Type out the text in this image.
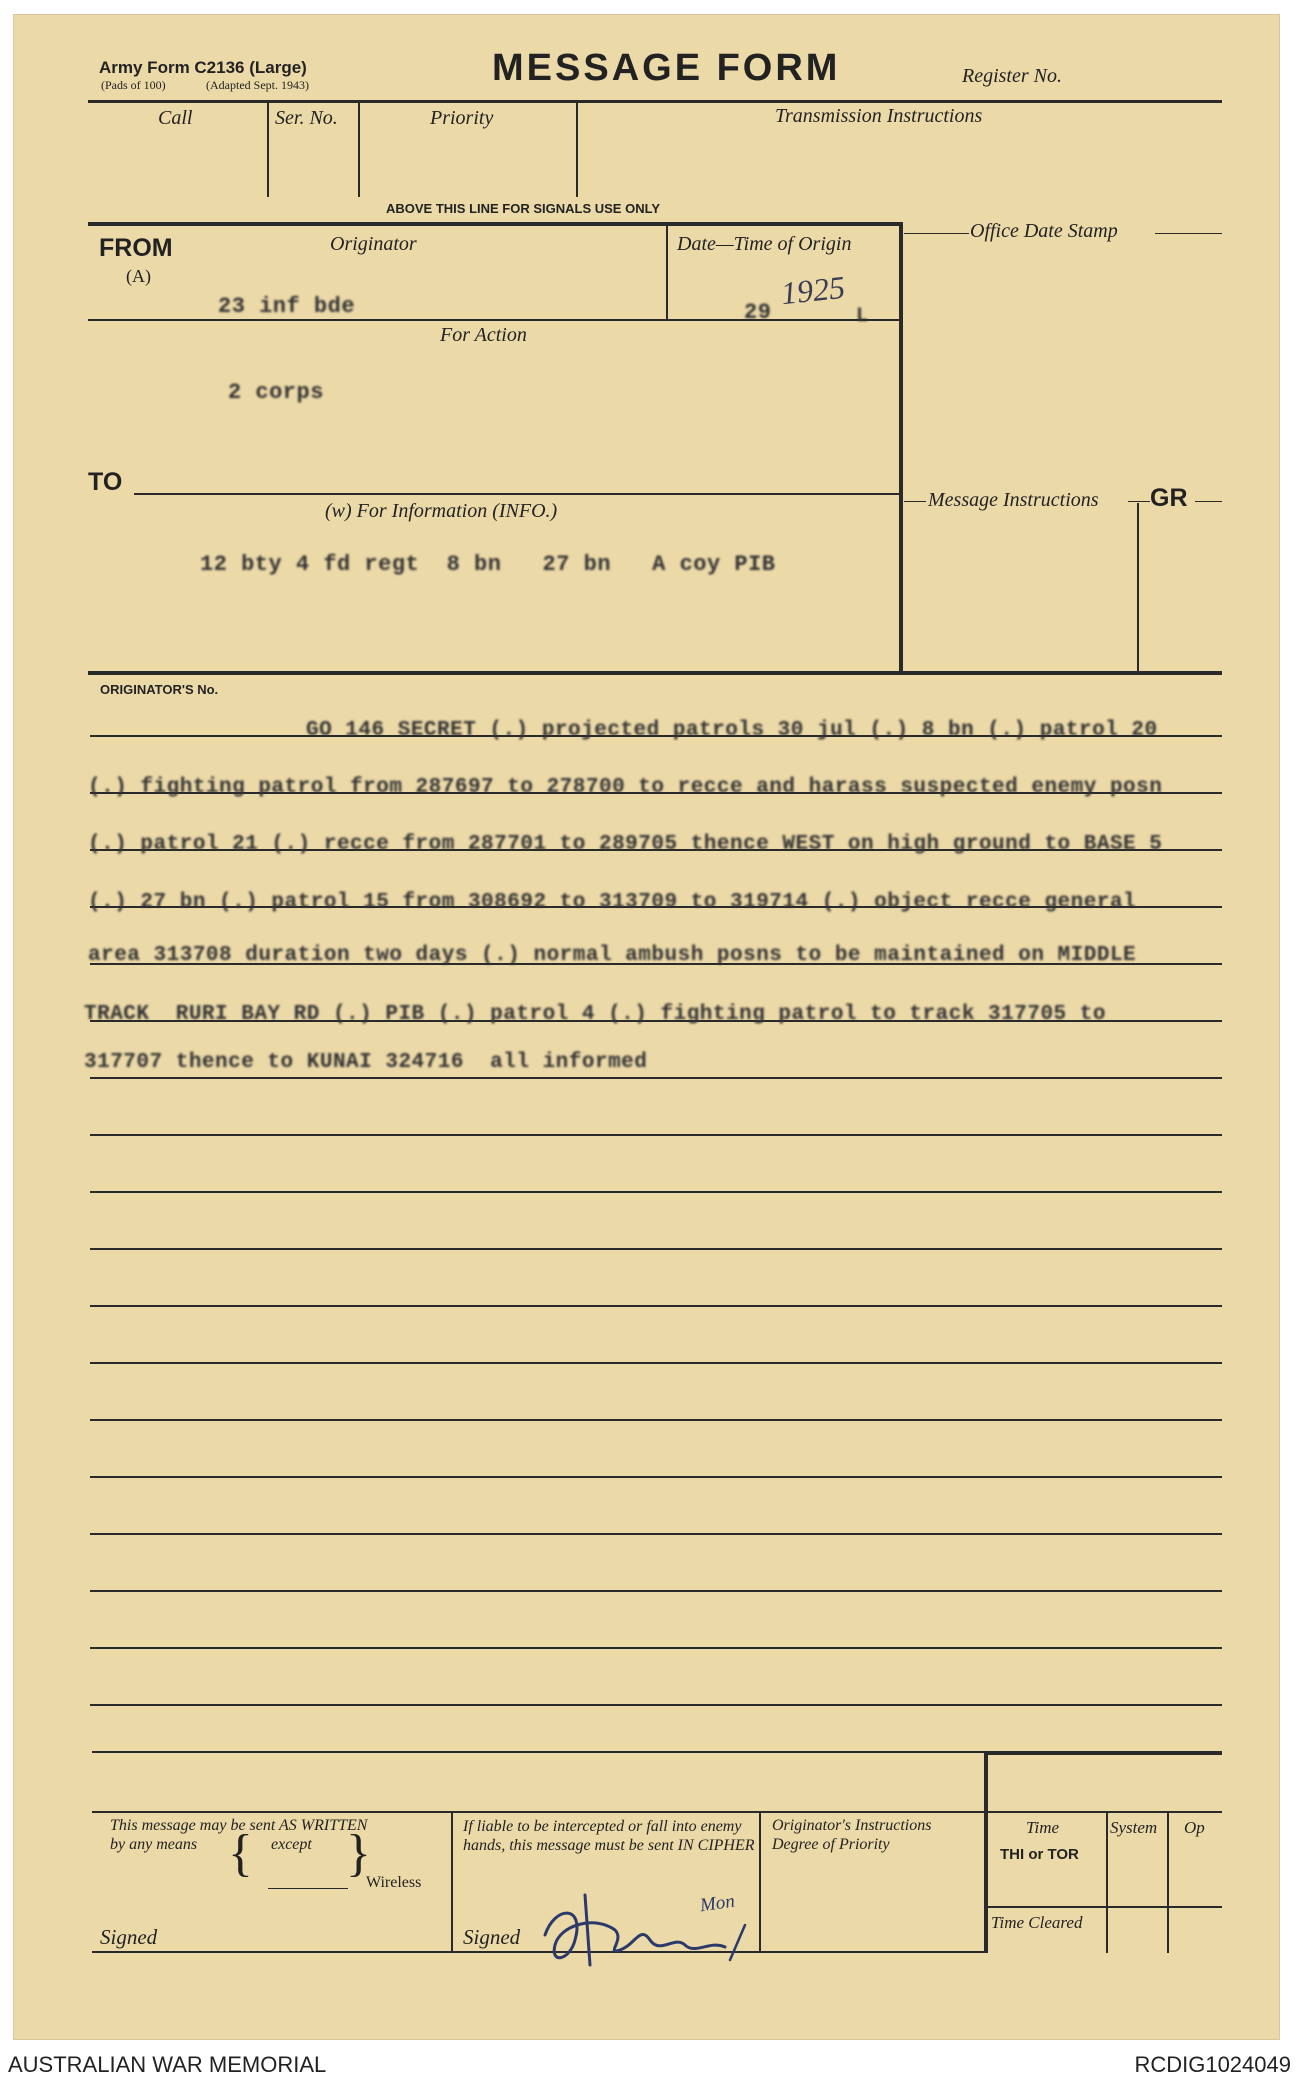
Army Form C2136 (Large)
(Pads of 100)	(Adapted Sept. 1943)	MESSAGE FORM	Register No.
Call	Ser. No.	Priority	Transmission Instructions
ABOVE THIS LINE FOR SIGNALS USE ONLY
FROM
(A)
Originator	Date—Time of Origin
23 inf bde	29
1925
L
For Action
2 corps
TO
(w) For Information (INFO.)
12 bty 4 fd regt  8 bn   27 bn   A coy PIB
Office Date Stamp
Message Instructions GR
ORIGINATOR'S No.
GO 146 SECRET (.) projected patrols 30 jul (.) 8 bn (.) patrol 20
(.) fighting patrol from 287697 to 278700 to recce and harass suspected enemy posn
(.) patrol 21 (.) recce from 287701 to 289705 thence WEST on high ground to BASE 5
(.) 27 bn (.) patrol 15 from 308692 to 313709 to 319714 (.) object recce general
area 313708 duration two days (.) normal ambush posns to be maintained on MIDDLE
TRACK  RURI BAY RD (.) PIB (.) patrol 4 (.) fighting patrol to track 317705 to
317707 thence to KUNAI 324716  all informed
This message may be sent AS WRITTEN
by any means { except }
Wireless
Signed
If liable to be intercepted or fall into enemy hands, this message must be sent IN CIPHER
Signed
Mon
Originator's Instructions
Degree of Priority
Time	System Op
THI or TOR
Time Cleared
AUSTRALIAN WAR MEMORIAL	RCDIG1024049
